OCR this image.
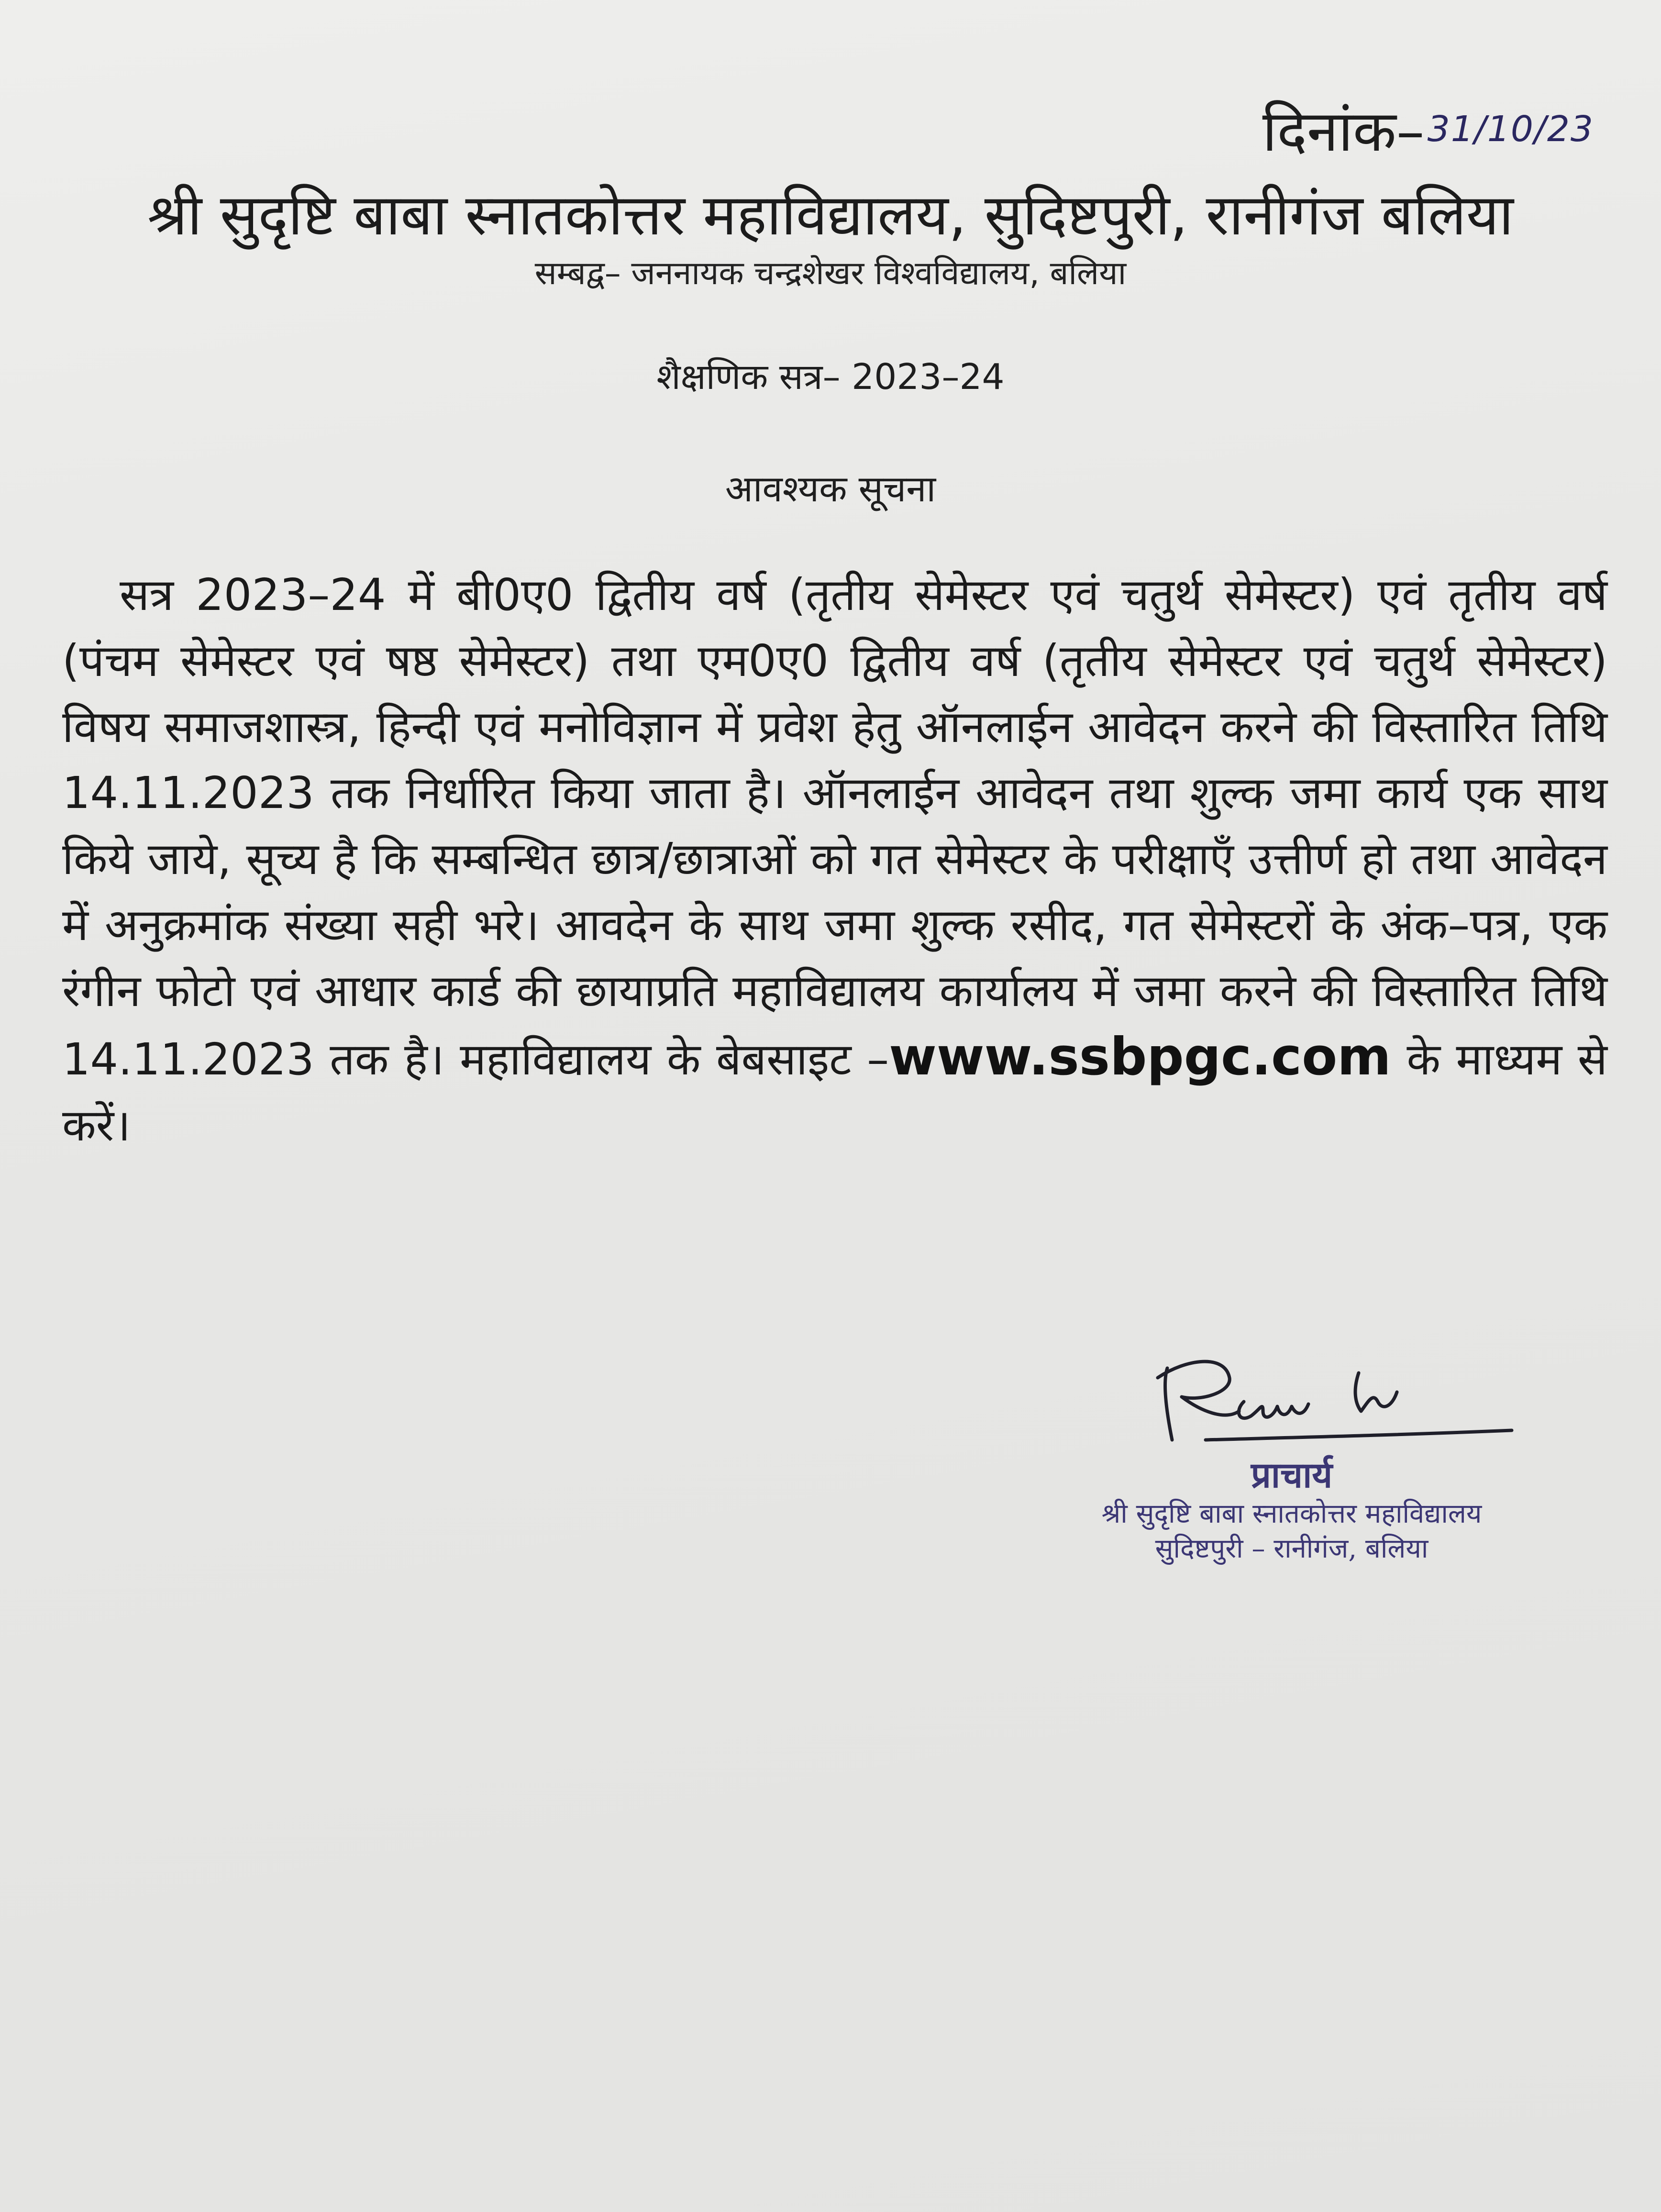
दिनांक–31/10/23
श्री सुदृष्टि बाबा स्नातकोत्तर महाविद्यालय, सुदिष्टपुरी, रानीगंज बलिया
सम्बद्व– जननायक चन्द्रशेखर विश्वविद्यालय, बलिया
शैक्षणिक सत्र– 2023–24
आवश्यक सूचना
सत्र 2023–24 में बी0ए0 द्वितीय वर्ष (तृतीय सेमेस्टर एवं चतुर्थ सेमेस्टर) एवं तृतीय वर्ष (पंचम सेमेस्टर एवं षष्ठ सेमेस्टर) तथा एम0ए0 द्वितीय वर्ष (तृतीय सेमेस्टर एवं चतुर्थ सेमेस्टर) विषय समाजशास्त्र, हिन्दी एवं मनोविज्ञान में प्रवेश हेतु ऑनलाईन आवेदन करने की विस्तारित तिथि 14.11.2023 तक निर्धारित किया जाता है। ऑनलाईन आवेदन तथा शुल्क जमा कार्य एक साथ किये जाये, सूच्य है कि सम्बन्धित छात्र/छात्राओं को गत सेमेस्टर के परीक्षाएँ उत्तीर्ण हो तथा आवेदन में अनुक्रमांक संख्या सही भरे। आवदेन के साथ जमा शुल्क रसीद, गत सेमेस्टरों के अंक–पत्र, एक रंगीन फोटो एवं आधार कार्ड की छायाप्रति महाविद्यालय कार्यालय में जमा करने की विस्तारित तिथि 14.11.2023 तक है। महाविद्यालय के बेबसाइट –www.ssbpgc.com के माध्यम से करें।
प्राचार्य
श्री सुदृष्टि बाबा स्नातकोत्तर महाविद्यालय
सुदिष्टपुरी – रानीगंज, बलिया
